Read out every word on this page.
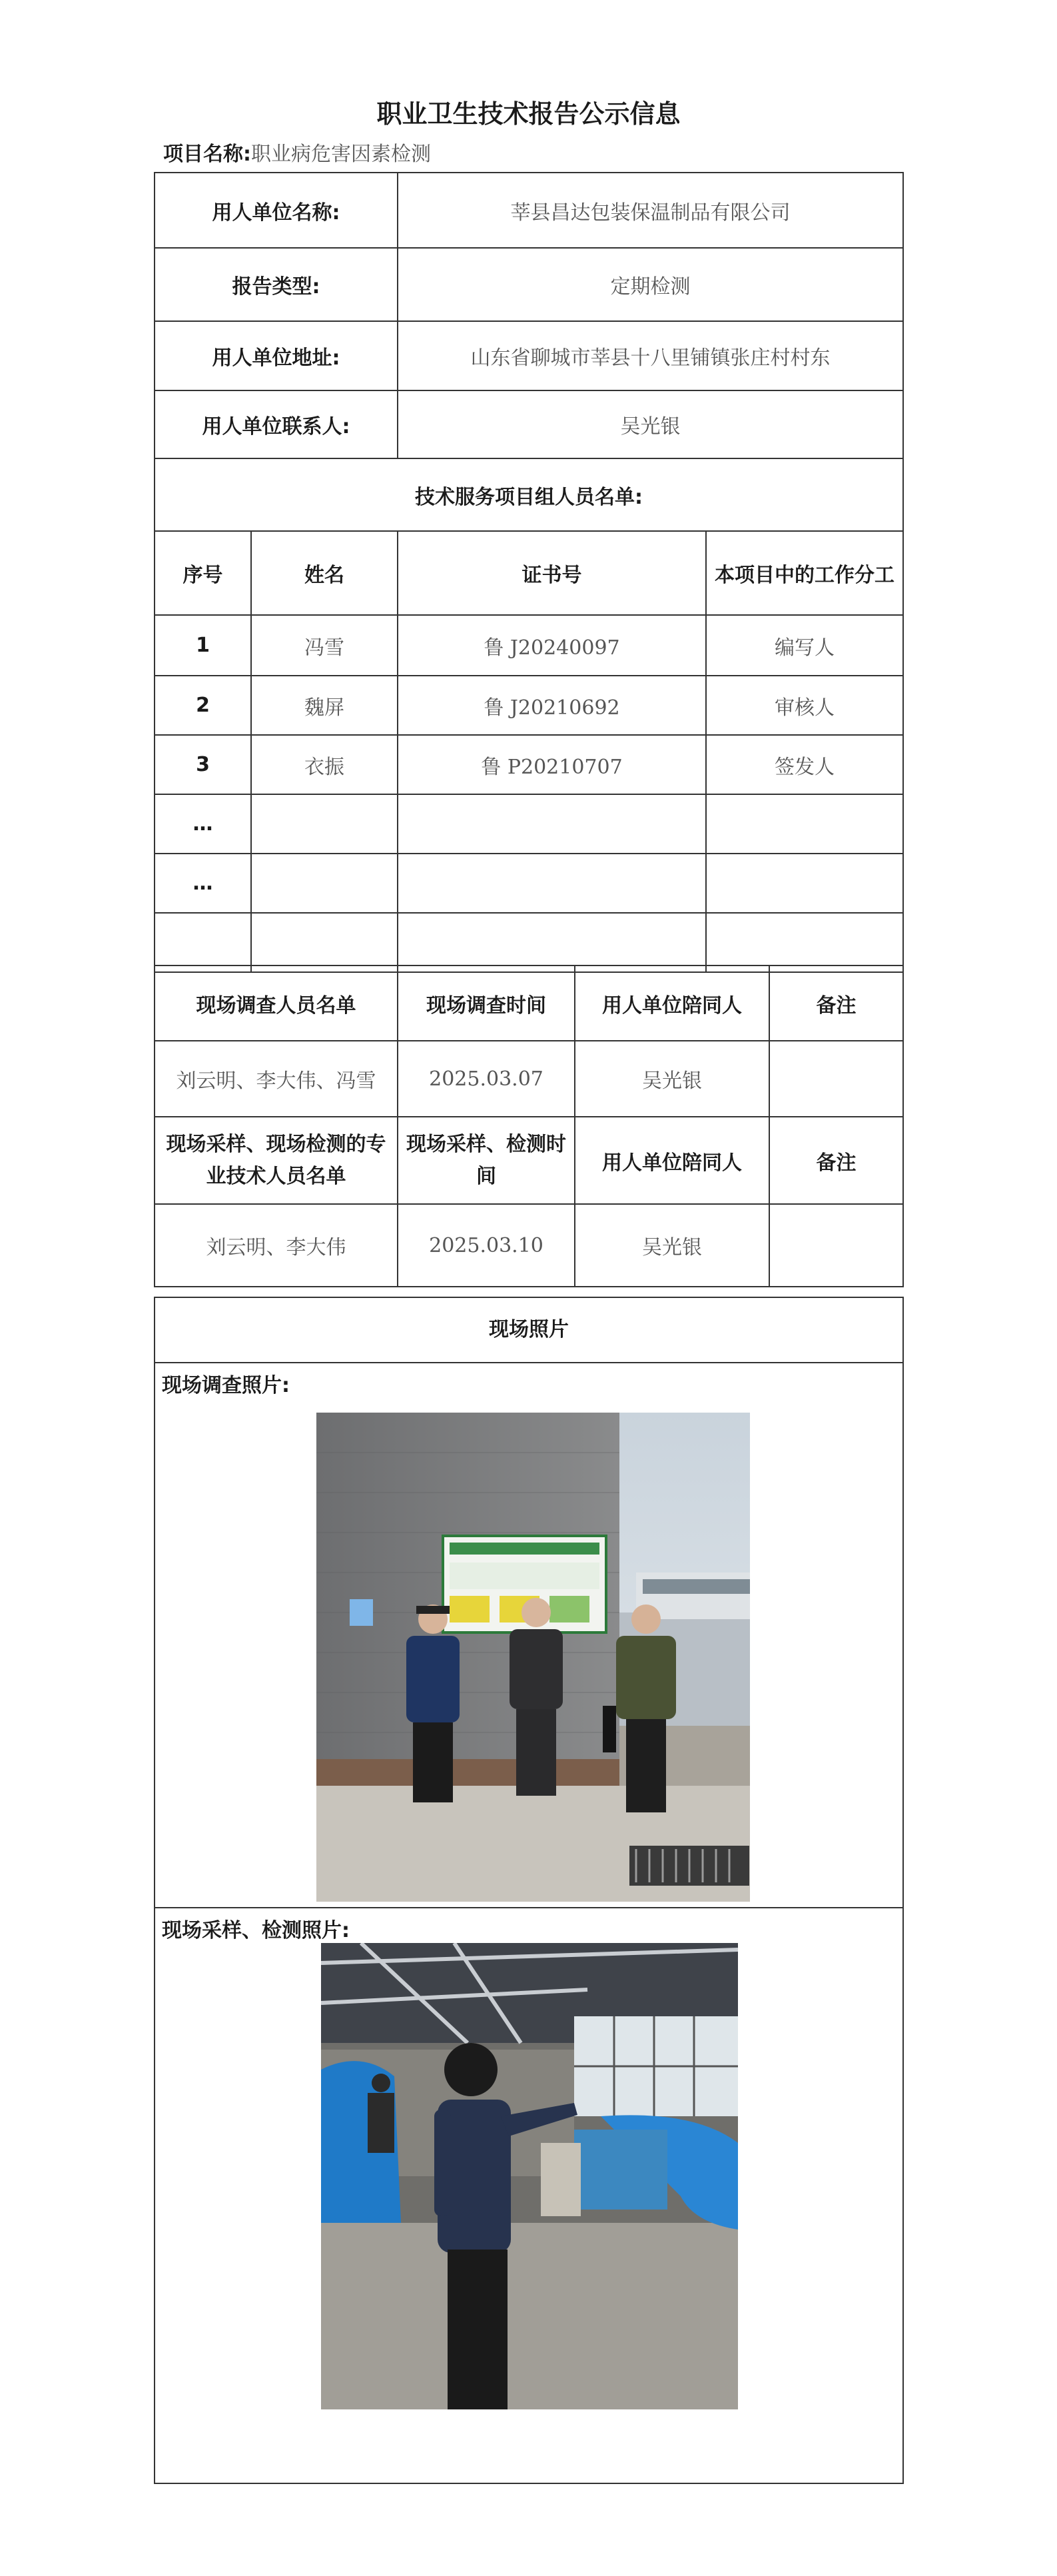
职业卫生技术报告公示信息
项目名称:职业病危害因素检测
用人单位名称:		莘县昌达包装保温制品有限公司	
报告类型:		定期检测	
用人单位地址:		山东省聊城市莘县十八里铺镇张庄村村东	
用人单位联系人:		吴光银	
技术服务项目组人员名单:			
序号	姓名	证书号	本项目中的工作分工
1	冯雪	鲁 J20240097	编写人
2	魏屏	鲁 J20210692	审核人
3	衣振	鲁 P20210707	签发人
…			
…			

现场调查人员名单	现场调查时间	用人单位陪同人	备注
刘云明、李大伟、冯雪	2025.03.07	吴光银	
现场采样、现场检测的专业技术人员名单	现场采样、检测时间	用人单位陪同人	备注
刘云明、李大伟	2025.03.10	吴光银	
现场照片
现场调查照片:
现场采样、检测照片:
